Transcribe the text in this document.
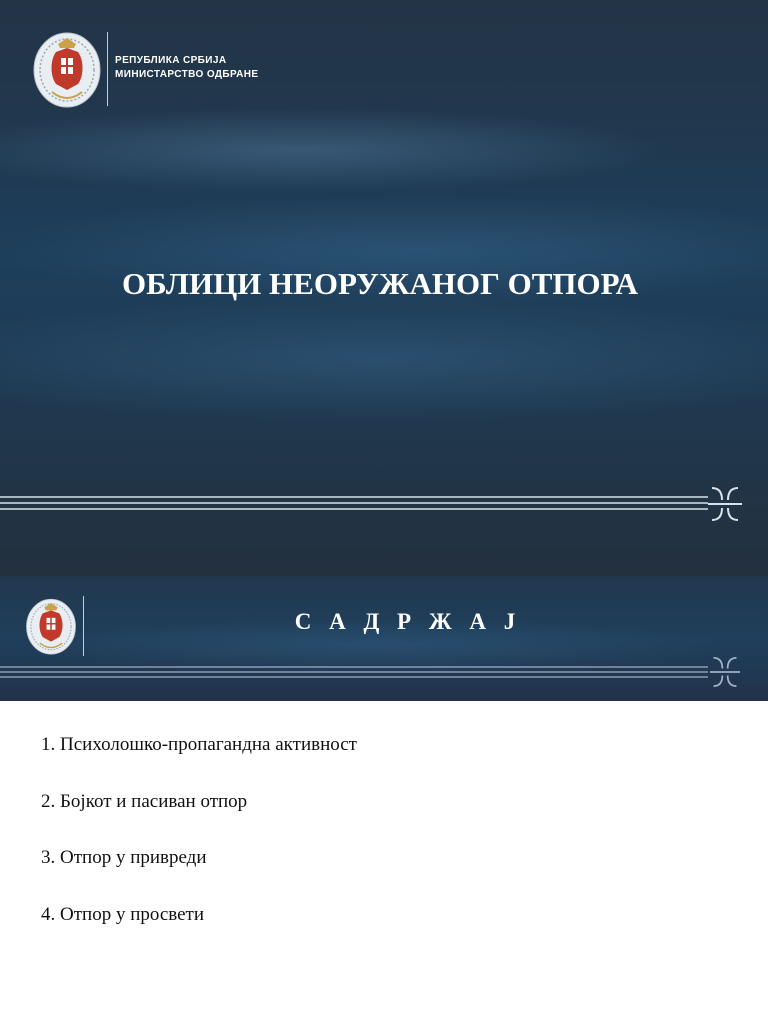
РЕПУБЛИКА СРБИЈА
МИНИСТАРСТВО ОДБРАНЕ
ОБЛИЦИ НЕОРУЖАНОГ ОТПОРА
С А Д Р Ж А Ј
1. Психолошко-пропагандна активност
2. Бојкот и пасиван отпор
3. Отпор у привреди
4. Отпор у просвети
